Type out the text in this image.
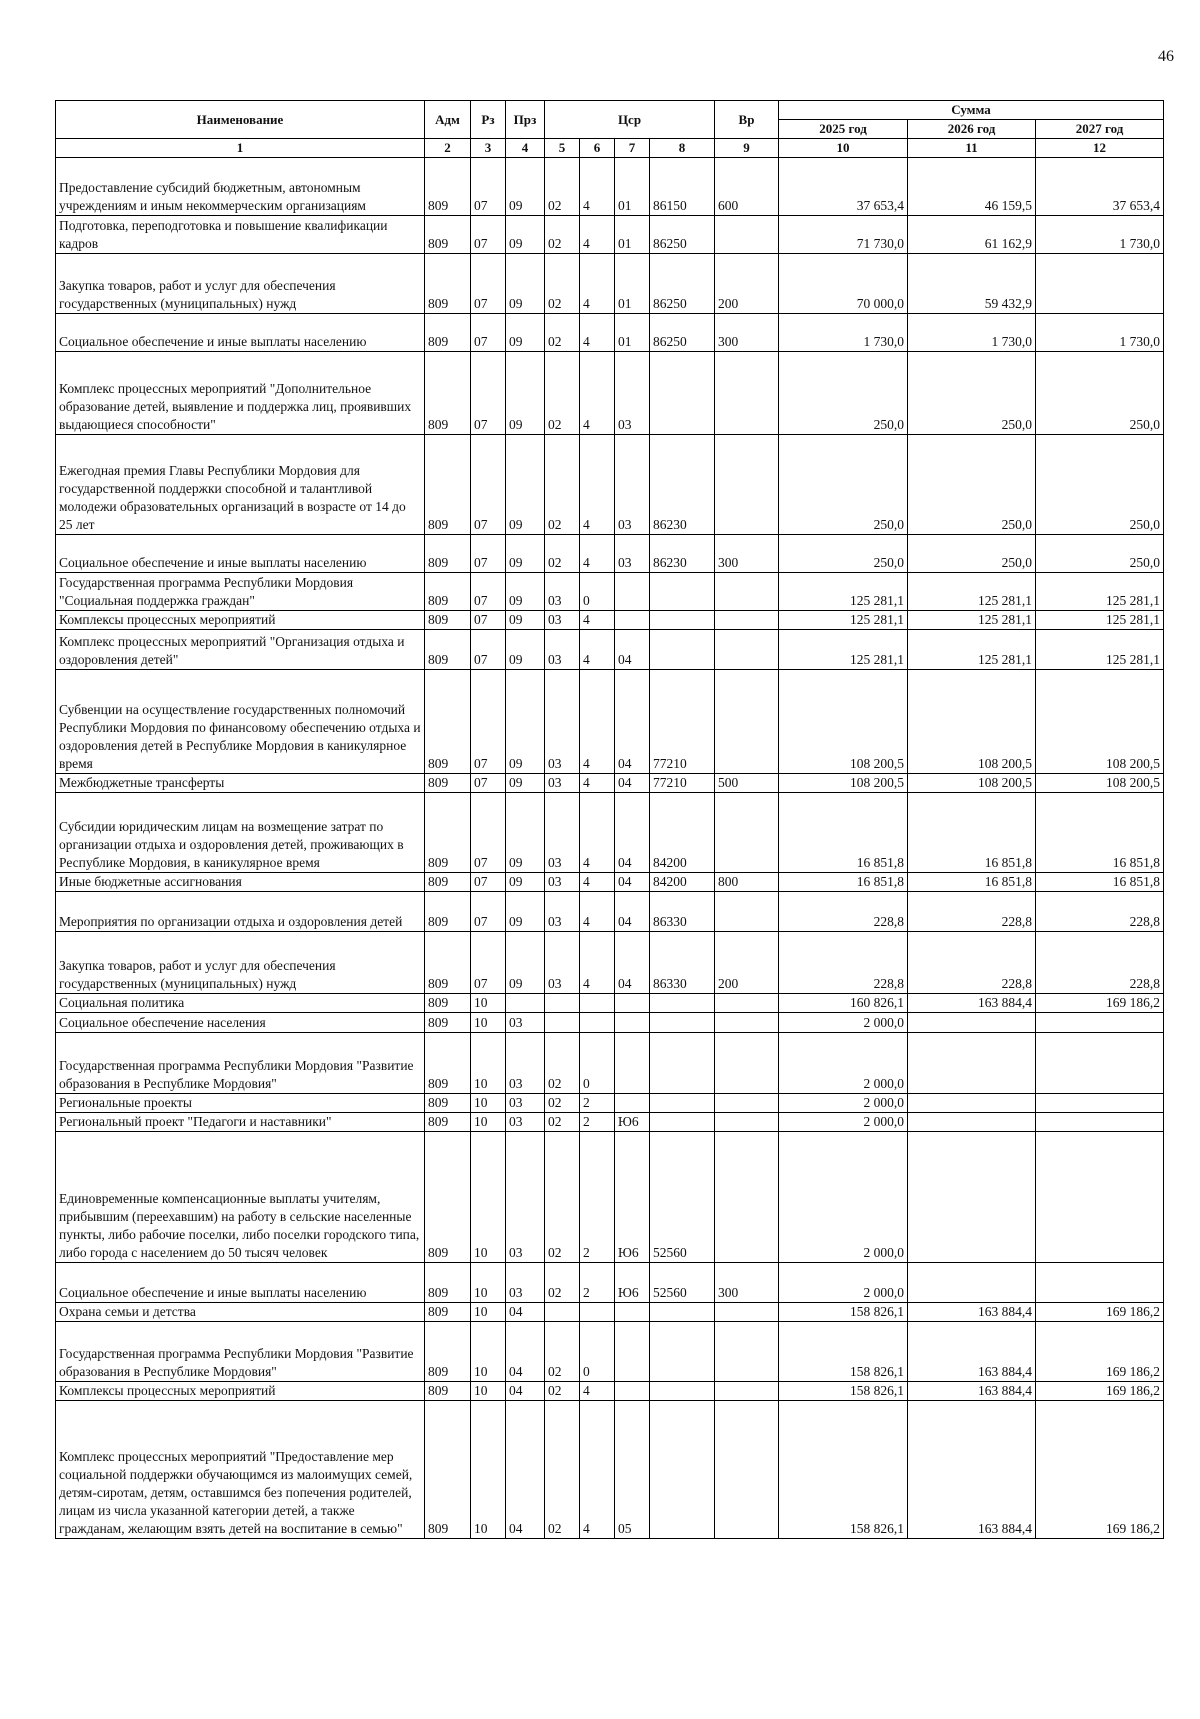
46
Наименование	Адм	Рз	Прз	Цср				Вр	Сумма		
									2025 год	2026 год	2027 год
1	2	3	4	5	6	7	8	9	10	11	12
Предоставление субсидий бюджетным, автономным учреждениям и иным некоммерческим организациям	809	07	09	02	4	01	86150	600	37 653,4	46 159,5	37 653,4
Подготовка, переподготовка и повышение квалификации кадров	809	07	09	02	4	01	86250		71 730,0	61 162,9	1 730,0
Закупка товаров, работ и услуг для обеспечения государственных (муниципальных) нужд	809	07	09	02	4	01	86250	200	70 000,0	59 432,9	
Социальное обеспечение и иные выплаты населению	809	07	09	02	4	01	86250	300	1 730,0	1 730,0	1 730,0
Комплекс процессных мероприятий "Дополнительное образование детей, выявление и поддержка лиц, проявивших выдающиеся способности"	809	07	09	02	4	03			250,0	250,0	250,0
Ежегодная премия Главы Республики Мордовия для государственной поддержки способной и талантливой молодежи образовательных организаций в возрасте от 14 до 25 лет	809	07	09	02	4	03	86230		250,0	250,0	250,0
Социальное обеспечение и иные выплаты населению	809	07	09	02	4	03	86230	300	250,0	250,0	250,0
Государственная программа Республики Мордовия "Социальная поддержка граждан"	809	07	09	03	0				125 281,1	125 281,1	125 281,1
Комплексы процессных мероприятий	809	07	09	03	4				125 281,1	125 281,1	125 281,1
Комплекс процессных мероприятий "Организация отдыха и оздоровления детей"	809	07	09	03	4	04			125 281,1	125 281,1	125 281,1
Субвенции на осуществление государственных полномочий Республики Мордовия по финансовому обеспечению отдыха и оздоровления детей в Республике Мордовия в каникулярное время	809	07	09	03	4	04	77210		108 200,5	108 200,5	108 200,5
Межбюджетные трансферты	809	07	09	03	4	04	77210	500	108 200,5	108 200,5	108 200,5
Субсидии юридическим лицам на возмещение затрат по организации отдыха и оздоровления детей, проживающих в Республике Мордовия, в каникулярное время	809	07	09	03	4	04	84200		16 851,8	16 851,8	16 851,8
Иные бюджетные ассигнования	809	07	09	03	4	04	84200	800	16 851,8	16 851,8	16 851,8
Мероприятия по организации отдыха и оздоровления детей	809	07	09	03	4	04	86330		228,8	228,8	228,8
Закупка товаров, работ и услуг для обеспечения государственных (муниципальных) нужд	809	07	09	03	4	04	86330	200	228,8	228,8	228,8
Социальная политика	809	10							160 826,1	163 884,4	169 186,2
Социальное обеспечение населения	809	10	03						2 000,0		
Государственная программа Республики Мордовия "Развитие образования в Республике Мордовия"	809	10	03	02	0				2 000,0		
Региональные проекты	809	10	03	02	2				2 000,0		
Региональный проект "Педагоги и наставники"	809	10	03	02	2	Ю6			2 000,0		
Единовременные компенсационные выплаты учителям, прибывшим (переехавшим) на работу в сельские населенные пункты, либо рабочие поселки, либо поселки городского типа, либо города с населением до 50 тысяч человек	809	10	03	02	2	Ю6	52560		2 000,0		
Социальное обеспечение и иные выплаты населению	809	10	03	02	2	Ю6	52560	300	2 000,0		
Охрана семьи и детства	809	10	04						158 826,1	163 884,4	169 186,2
Государственная программа Республики Мордовия "Развитие образования в Республике Мордовия"	809	10	04	02	0				158 826,1	163 884,4	169 186,2
Комплексы процессных мероприятий	809	10	04	02	4				158 826,1	163 884,4	169 186,2
Комплекс процессных мероприятий "Предоставление мер социальной поддержки обучающимся из малоимущих семей, детям-сиротам, детям, оставшимся без попечения родителей, лицам из числа указанной категории детей, а также гражданам, желающим взять детей на воспитание в семью"	809	10	04	02	4	05			158 826,1	163 884,4	169 186,2
